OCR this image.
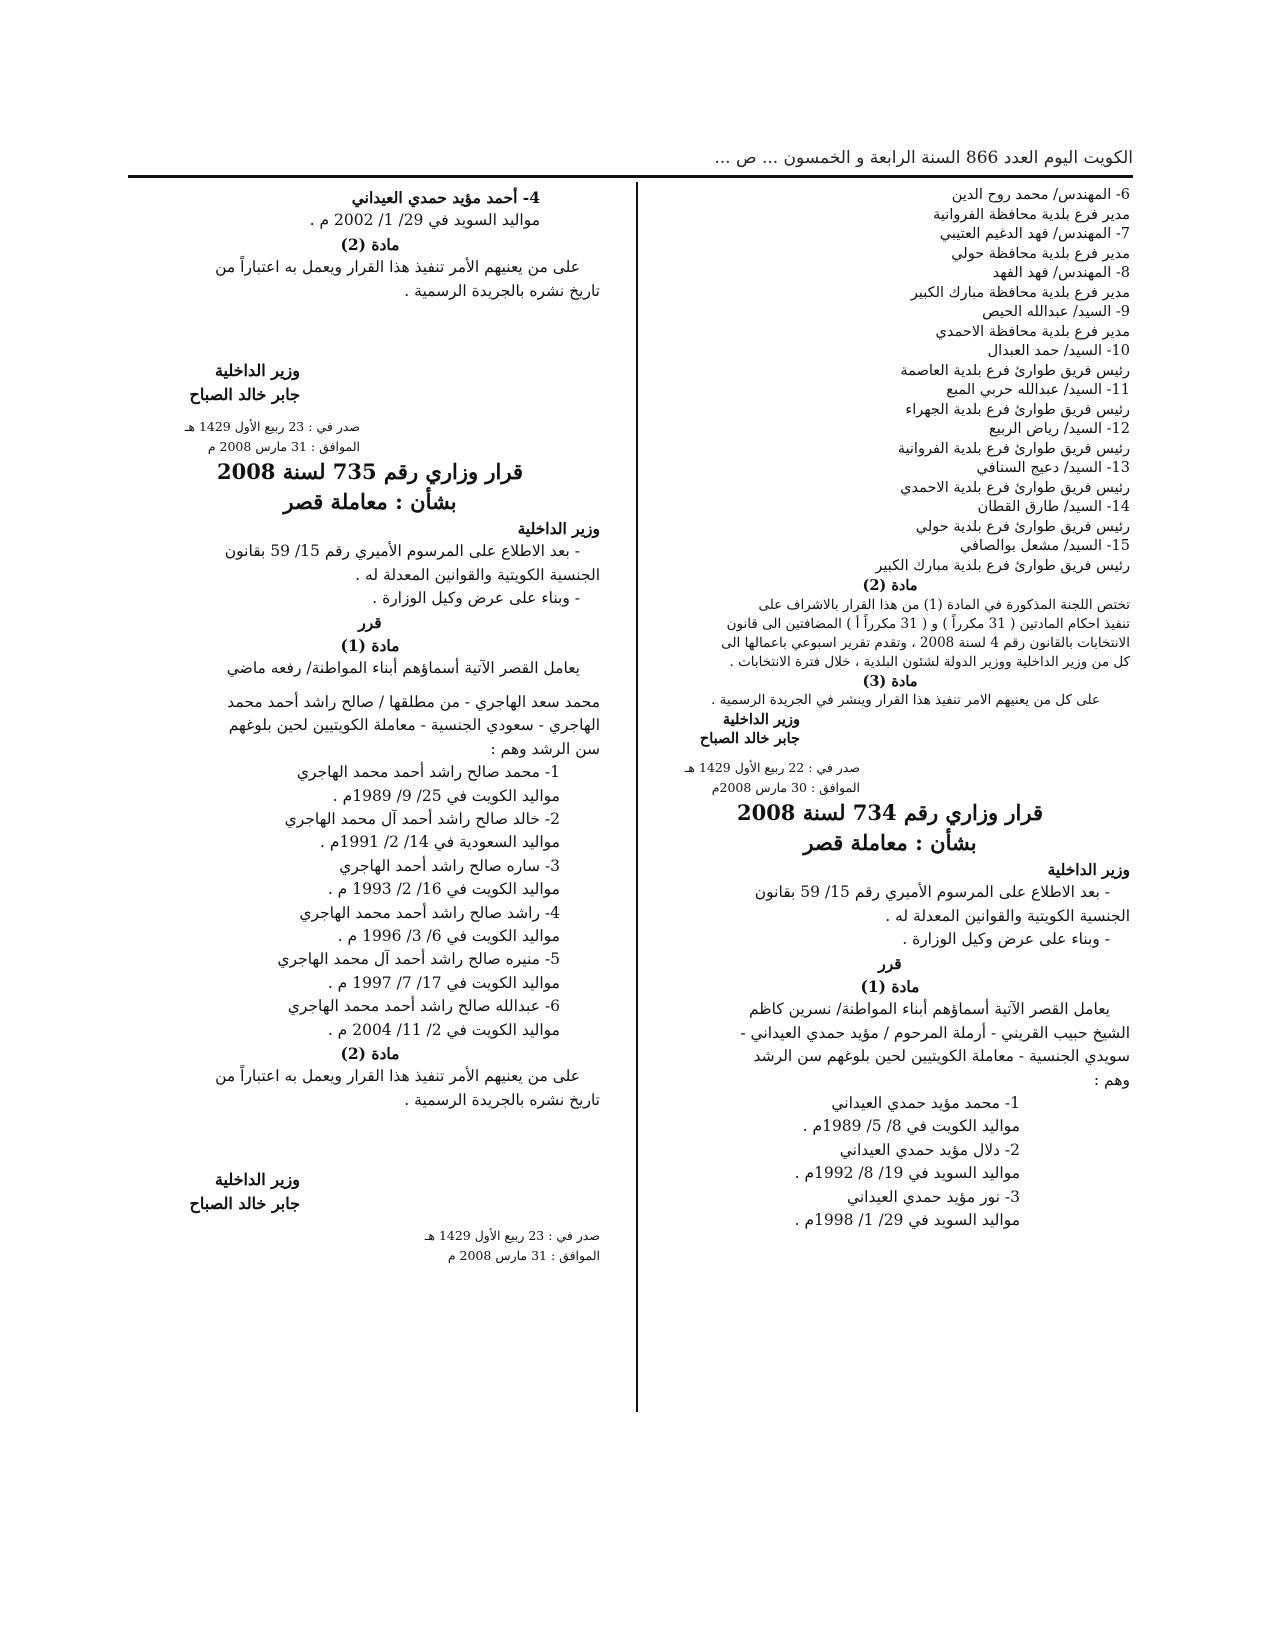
الكويت اليوم العدد 866 السنة الرابعة و الخمسون ... ص ...
6- المهندس/ محمد روح الدين
مدير فرع بلدية محافظة الفروانية
7- المهندس/ فهد الدغيم العتيبي
مدير فرع بلدية محافظة حولي
8- المهندس/ فهد الفهد
مدير فرع بلدية محافظة مبارك الكبير
9- السيد/ عبدالله الحيص
مدير فرع بلدية محافظة الاحمدي
10- السيد/ حمد العبدال
رئيس فريق طوارئ فرع بلدية العاصمة
11- السيد/ عبدالله حربي المبع
رئيس فريق طوارئ فرع بلدية الجهراء
12- السيد/ رياض الربيع
رئيس فريق طوارئ فرع بلدية الفروانية
13- السيد/ دعيج السنافي
رئيس فريق طوارئ فرع بلدية الاحمدي
14- السيد/ طارق القطان
رئيس فريق طوارئ فرع بلدية حولي
15- السيد/ مشعل بوالصافي
رئيس فريق طوارئ فرع بلدية مبارك الكبير
مادة (2)
تختص اللجنة المذكورة في المادة (1) من هذا القرار بالاشراف على
تنفيذ احكام المادتين ( 31 مكرراً ) و ( 31 مكرراً أ ) المضافتين الى قانون
الانتخابات بالقانون رقم 4 لسنة 2008 ، وتقدم تقرير اسبوعي باعمالها الى
كل من وزير الداخلية ووزير الدولة لشئون البلدية ، خلال فترة الانتخابات .
مادة (3)
على كل من يعنيهم الامر تنفيذ هذا القرار وينشر في الجريدة الرسمية .
وزير الداخلية
جابر خالد الصباح
صدر في : 22 ربيع الأول 1429 هـ
الموافق : 30 مارس 2008م
قرار وزاري رقم 734 لسنة 2008
بشأن : معاملة قصر
وزير الداخلية
- بعد الاطلاع على المرسوم الأميري رقم 15/ 59 بقانون
الجنسية الكويتية والقوانين المعدلة له .
- وبناء على عرض وكيل الوزارة .
قرر
مادة (1)
يعامل القصر الآتية أسماؤهم أبناء المواطنة/ نسرين كاظم
الشيخ حبيب القريني - أرملة المرحوم / مؤيد حمدي العيداني -
سويدي الجنسية - معاملة الكويتيين لحين بلوغهم سن الرشد
وهم :
1- محمد مؤيد حمدي العيداني
مواليد الكويت في 8/ 5/ 1989م .
2- دلال مؤيد حمدي العيداني
مواليد السويد في 19/ 8/ 1992م .
3- نور مؤيد حمدي العيداني
مواليد السويد في 29/ 1/ 1998م .
4- أحمد مؤيد حمدي العيداني
مواليد السويد في 29/ 1/ 2002 م .
مادة (2)
على من يعنيهم الأمر تنفيذ هذا القرار ويعمل به اعتباراً من
تاريخ نشره بالجريدة الرسمية .
وزير الداخلية
جابر خالد الصباح
صدر في : 23 ربيع الأول 1429 هـ
الموافق : 31 مارس 2008 م
قرار وزاري رقم 735 لسنة 2008
بشأن : معاملة قصر
وزير الداخلية
- بعد الاطلاع على المرسوم الأميري رقم 15/ 59 بقانون
الجنسية الكويتية والقوانين المعدلة له .
- وبناء على عرض وكيل الوزارة .
قرر
مادة (1)
يعامل القصر الآتية أسماؤهم أبناء المواطنة/ رفعه ماضي
محمد سعد الهاجري - من مطلقها / صالح راشد أحمد محمد
الهاجري - سعودي الجنسية - معاملة الكويتيين لحين بلوغهم
سن الرشد وهم :
1- محمد صالح راشد أحمد محمد الهاجري
مواليد الكويت في 25/ 9/ 1989م .
2- خالد صالح راشد أحمد آل محمد الهاجري
مواليد السعودية في 14/ 2/ 1991م .
3- ساره صالح راشد أحمد الهاجري
مواليد الكويت في 16/ 2/ 1993 م .
4- راشد صالح راشد أحمد محمد الهاجري
مواليد الكويت في 6/ 3/ 1996 م .
5- منيره صالح راشد أحمد آل محمد الهاجري
مواليد الكويت في 17/ 7/ 1997 م .
6- عبدالله صالح راشد أحمد محمد الهاجري
مواليد الكويت في 2/ 11/ 2004 م .
مادة (2)
على من يعنيهم الأمر تنفيذ هذا القرار ويعمل به اعتباراً من
تاريخ نشره بالجريدة الرسمية .
وزير الداخلية
جابر خالد الصباح
صدر في : 23 ربيع الأول 1429 هـ
الموافق : 31 مارس 2008 م
